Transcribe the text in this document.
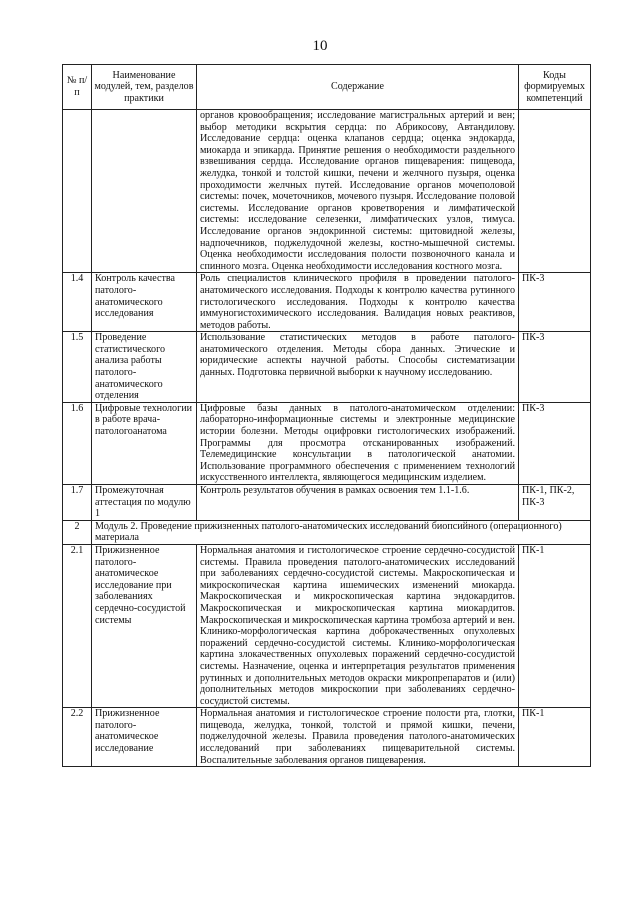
10
№ п/п	Наименование модулей, тем, разделов практики	Содержание	Коды формируемых компетенций
		органов кровообращения; исследование магистральных артерий и вен; выбор методики вскрытия сердца: по Абрикосову, Автандилову. Исследование сердца: оценка клапанов сердца; оценка эндокарда, миокарда и эпикарда. Принятие решения о необходимости раздельного взвешивания сердца. Исследование органов пищеварения: пищевода, желудка, тонкой и толстой кишки, печени и желчного пузыря, оценка проходимости желчных путей. Исследование органов мочеполовой системы: почек, мочеточников, мочевого пузыря. Исследование половой системы. Исследование органов кроветворения и лимфатической системы: исследование селезенки, лимфатических узлов, тимуса. Исследование органов эндокринной системы: щитовидной железы, надпочечников, поджелудочной железы, костно-мышечной системы. Оценка необходимости исследования полости позвоночного канала и спинного мозга. Оценка необходимости исследования костного мозга.	
1.4	Контроль качества патолого-анатомического исследования	Роль специалистов клинического профиля в проведении патолого-анатомического исследования. Подходы к контролю качества рутинного гистологического исследования. Подходы к контролю качества иммуногистохимического исследования. Валидация новых реактивов, методов работы.	ПК-3
1.5	Проведение статистического анализа работы патолого-анатомического отделения	Использование статистических методов в работе патолого-анатомического отделения. Методы сбора данных. Этические и юридические аспекты научной работы. Способы систематизации данных. Подготовка первичной выборки к научному исследованию.	ПК-3
1.6	Цифровые технологии в работе врача-патологоанатома	Цифровые базы данных в патолого-анатомическом отделении: лабораторно-информационные системы и электронные медицинские истории болезни. Методы оцифровки гистологических изображений. Программы для просмотра отсканированных изображений. Телемедицинские консультации в патологической анатомии. Использование программного обеспечения с применением технологий искусственного интеллекта, являющегося медицинским изделием.	ПК-3
1.7	Промежуточная аттестация по модулю 1	Контроль результатов обучения в рамках освоения тем 1.1-1.6.	ПК-1, ПК-2, ПК-3
2	Модуль 2. Проведение прижизненных патолого-анатомических исследований биопсийного (операционного) материала		
2.1	Прижизненное патолого-анатомическое исследование при заболеваниях сердечно-сосудистой системы	Нормальная анатомия и гистологическое строение сердечно-сосудистой системы. Правила проведения патолого-анатомических исследований при заболеваниях сердечно-сосудистой системы. Макроскопическая и микроскопическая картина ишемических изменений миокарда. Макроскопическая и микроскопическая картина эндокардитов. Макроскопическая и микроскопическая картина миокардитов. Макроскопическая и микроскопическая картина тромбоза артерий и вен. Клинико-морфологическая картина доброкачественных опухолевых поражений сердечно-сосудистой системы. Клинико-морфологическая картина злокачественных опухолевых поражений сердечно-сосудистой системы. Назначение, оценка и интерпретация результатов применения рутинных и дополнительных методов окраски микропрепаратов и (или) дополнительных методов микроскопии при заболеваниях сердечно-сосудистой системы.	ПК-1
2.2	Прижизненное патолого-анатомическое исследование	Нормальная анатомия и гистологическое строение полости рта, глотки, пищевода, желудка, тонкой, толстой и прямой кишки, печени, поджелудочной железы. Правила проведения патолого-анатомических исследований при заболеваниях пищеварительной системы. Воспалительные заболевания органов пищеварения.	ПК-1
